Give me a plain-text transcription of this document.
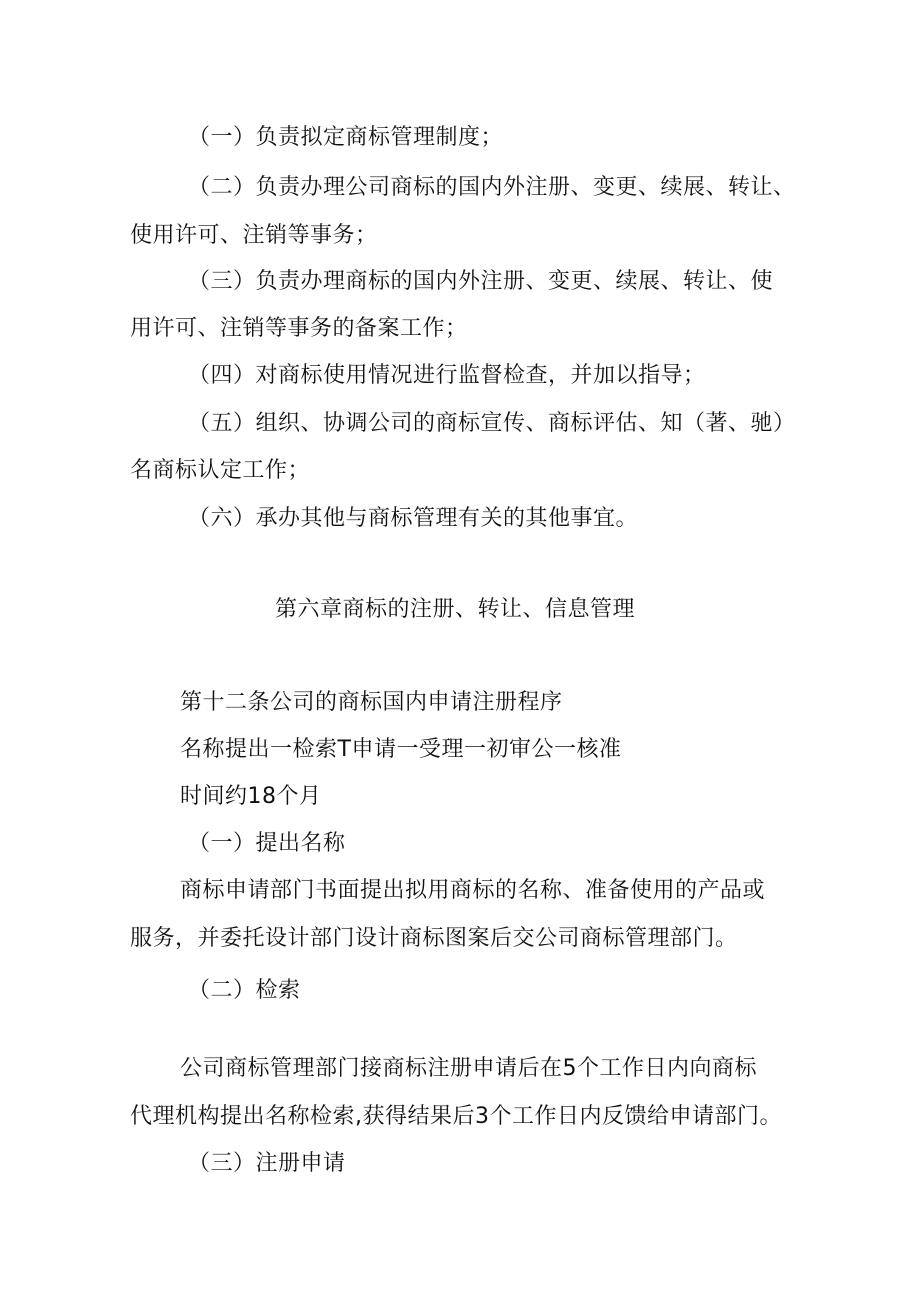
（一）负责拟定商标管理制度；
（二）负责办理公司商标的国内外注册、变更、续展、转让、
使用许可、注销等事务；
（三）负责办理商标的国内外注册、变更、续展、转让、使
用许可、注销等事务的备案工作；
（四）对商标使用情况进行监督检查，并加以指导；
（五）组织、协调公司的商标宣传、商标评估、知（著、驰）
名商标认定工作；
（六）承办其他与商标管理有关的其他事宜。
第六章商标的注册、转让、信息管理
第十二条公司的商标国内申请注册程序
名称提出一检索T申请一受理一初审公一核准
时间约18个月
（一）提出名称
商标申请部门书面提出拟用商标的名称、准备使用的产品或
服务，并委托设计部门设计商标图案后交公司商标管理部门。
（二）检索
公司商标管理部门接商标注册申请后在5个工作日内向商标
代理机构提出名称检索,获得结果后3个工作日内反馈给申请部门。
（三）注册申请
